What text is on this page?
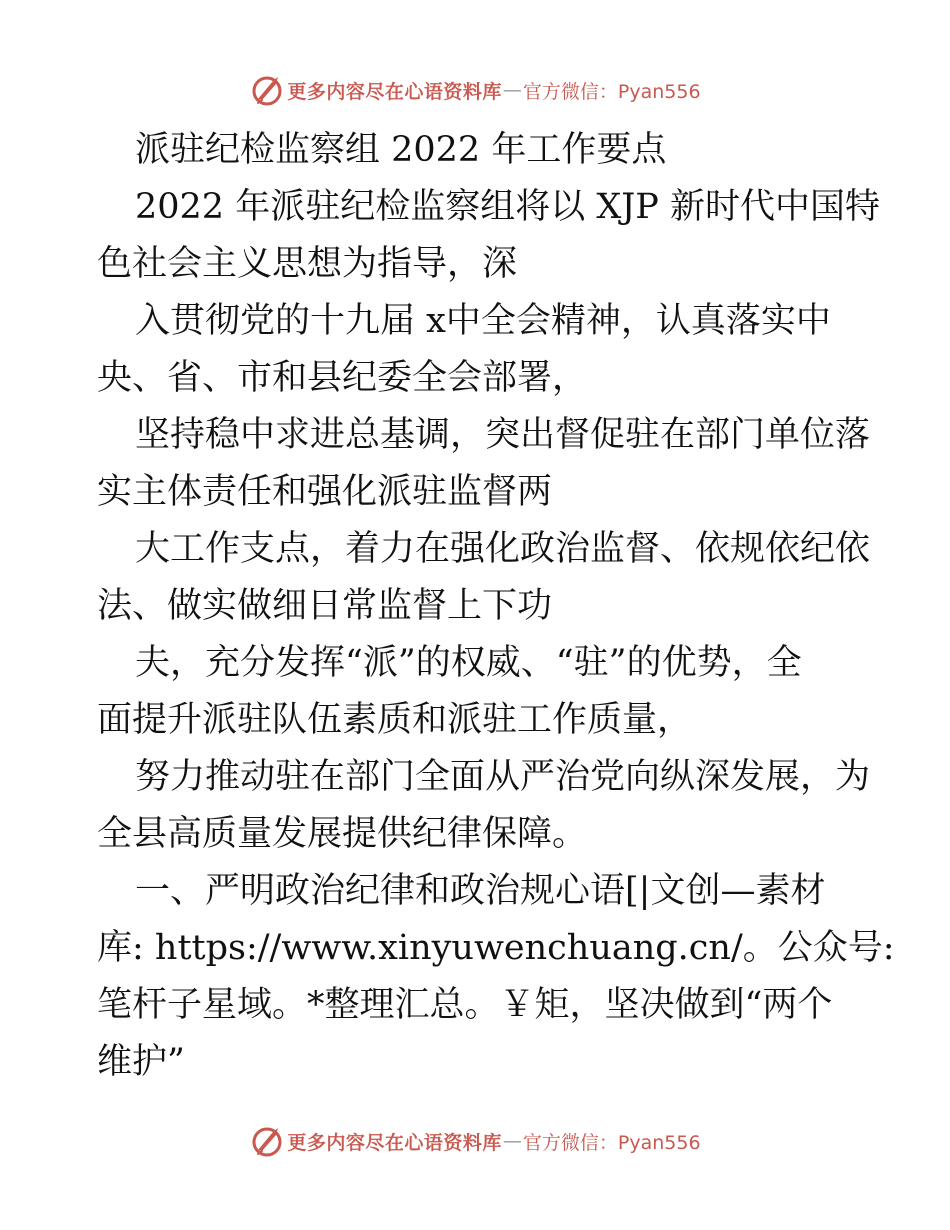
更多内容尽在心语资料库 — 官方微信：Pyan556

派驻纪检监察组 2022 年工作要点

2022 年派驻纪检监察组将以 XJP 新时代中国特

色社会主义思想为指导，深

入贯彻党的十九届 x中全会精神，认真落实中

央、省、市和县纪委全会部署，

坚持稳中求进总基调，突出督促驻在部门单位落

实主体责任和强化派驻监督两

大工作支点，着力在强化政治监督、依规依纪依

法、做实做细日常监督上下功

夫，充分发挥“派”的权威、“驻”的优势，全

面提升派驻队伍素质和派驻工作质量，

努力推动驻在部门全面从严治党向纵深发展，为

全县高质量发展提供纪律保障。

一、严明政治纪律和政治规心语[|文创—素材

库: https://www.xinyuwenchuang.cn/。公众号:

笔杆子星域。*整理汇总。￥矩，坚决做到“两个

维护”

更多内容尽在心语资料库 — 官方微信：Pyan556
